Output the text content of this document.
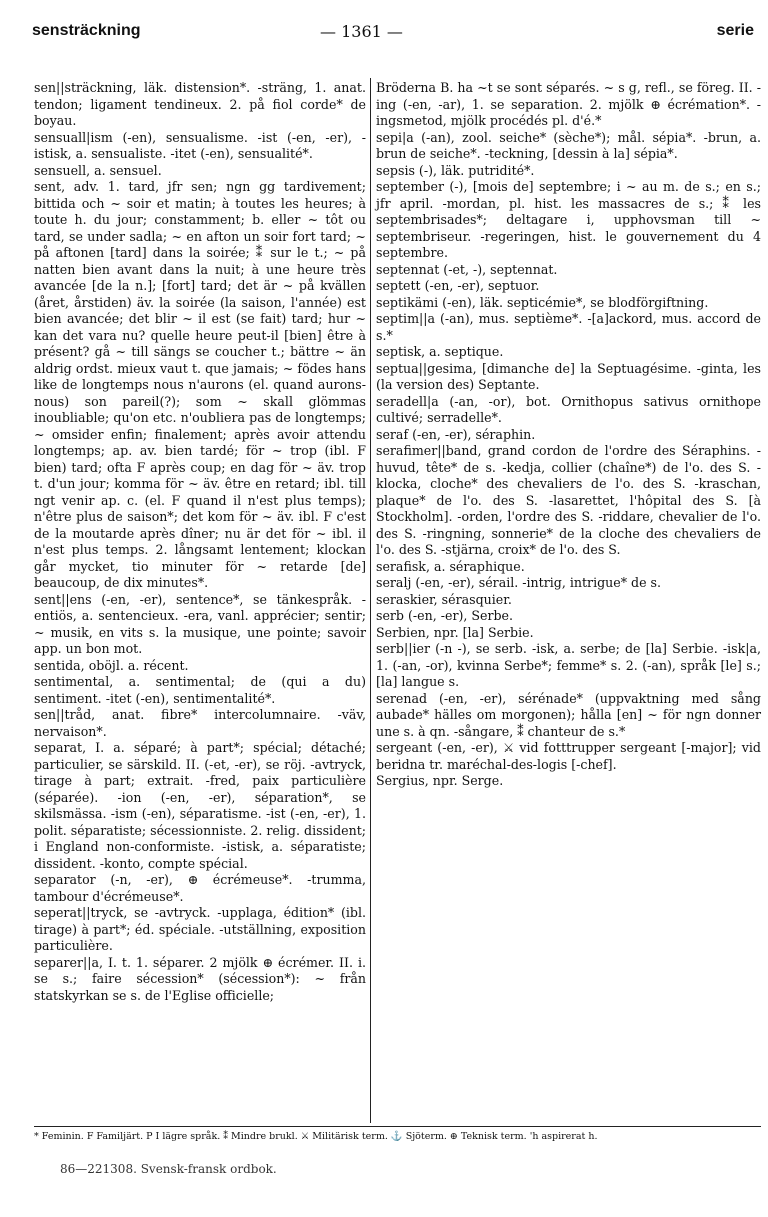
sensträckning	— 1361 —	serie

sen||sträckning, läk. distension*. -sträng, 1. anat. tendon; ligament tendineux. 2. på fiol corde* de boyau.

sensuall|ism (-en), sensualisme. -ist (-en, -er), -istisk, a. sensualiste. -itet (-en), sensualité*.

sensuell, a. sensuel.

sent, adv. 1. tard, jfr sen; ngn gg tardivement; bittida och ~ soir et matin; à toutes les heures; à toute h. du jour; constamment; b. eller ~ tôt ou tard, se under sadla; ~ en afton un soir fort tard; ~ på aftonen [tard] dans la soirée; ⁑ sur le t.; ~ på natten bien avant dans la nuit; à une heure très avancée [de la n.]; [fort] tard; det är ~ på kvällen (året, årstiden) äv. la soirée (la saison, l'année) est bien avancée; det blir ~ il est (se fait) tard; hur ~ kan det vara nu? quelle heure peut-il [bien] être à présent? gå ~ till sängs se coucher t.; bättre ~ än aldrig ordst. mieux vaut t. que jamais; ~ födes hans like de longtemps nous n'aurons (el. quand aurons-nous) son pareil(?); som ~ skall glömmas inoubliable; qu'on etc. n'oubliera pas de longtemps; ~ omsider enfin; finalement; après avoir attendu longtemps; ap. av. bien tardé; för ~ trop (ibl. F bien) tard; ofta F après coup; en dag för ~ äv. trop t. d'un jour; komma för ~ äv. être en retard; ibl. till ngt venir ap. c. (el. F quand il n'est plus temps); n'être plus de saison*; det kom för ~ äv. ibl. F c'est de la moutarde après dîner; nu är det för ~ ibl. il n'est plus temps. 2. långsamt lentement; klockan går mycket, tio minuter för ~ retarde [de] beaucoup, de dix minutes*.

sent||ens (-en, -er), sentence*, se tänkespråk. -entiös, a. sentencieux. -era, vanl. apprécier; sentir; ~ musik, en vits s. la musique, une pointe; savoir app. un bon mot.

sentida, oböjl. a. récent.

sentimental, a. sentimental; de (qui a du) sentiment. -itet (-en), sentimentalité*.

sen||tråd, anat. fibre* intercolumnaire. -väv, nervaison*.

separat, I. a. séparé; à part*; spécial; détaché; particulier, se särskild. II. (-et, -er), se röj. -avtryck, tirage à part; extrait. -fred, paix particulière (séparée). -ion (-en, -er), séparation*, se skilsmässa. -ism (-en), séparatisme. -ist (-en, -er), 1. polit. séparatiste; sécessionniste. 2. relig. dissident; i England non-conformiste. -istisk, a. séparatiste; dissident. -konto, compte spécial.

separator (-n, -er), ⊕ écrémeuse*. -trumma, tambour d'écrémeuse*.

seperat||tryck, se -avtryck. -upplaga, édition* (ibl. tirage) à part*; éd. spéciale. -utställning, exposition particulière.

separer||a, I. t. 1. séparer. 2 mjölk ⊕ écrémer. II. i. se s.; faire sécession* (sécession*): ~ från statskyrkan se s. de l'Eglise officielle;

Bröderna B. ha ~t se sont séparés. ~ s g, refl., se föreg. II. -ing (-en, -ar), 1. se separation. 2. mjölk ⊕ écrémation*. -ingsmetod, mjölk procédés pl. d'é.*

sepi|a (-an), zool. seiche* (sèche*); mål. sépia*. -brun, a. brun de seiche*. -teckning, [dessin à la] sépia*.

sepsis (-), läk. putridité*.

september (-), [mois de] septembre; i ~ au m. de s.; en s.; jfr april. -mordan, pl. hist. les massacres de s.; ⁑ les septembrisades*; deltagare i, upphovsman till ~ septembriseur. -regeringen, hist. le gouvernement du 4 septembre.

septennat (-et, -), septennat.

septett (-en, -er), septuor.

septikämi (-en), läk. septicémie*, se blodförgiftning.

septim||a (-an), mus. septième*. -[a]ackord, mus. accord de s.*

septisk, a. septique.

septua||gesima, [dimanche de] la Septuagésime. -ginta, les (la version des) Septante.

seradell|a (-an, -or), bot. Ornithopus sativus ornithope cultivé; serradelle*.

seraf (-en, -er), séraphin.

serafimer||band, grand cordon de l'ordre des Séraphins. -huvud, tête* de s. -kedja, collier (chaîne*) de l'o. des S. -klocka, cloche* des chevaliers de l'o. des S. -kraschan, plaque* de l'o. des S. -lasarettet, l'hôpital des S. [à Stockholm]. -orden, l'ordre des S. -riddare, chevalier de l'o. des S. -ringning, sonnerie* de la cloche des chevaliers de l'o. des S. -stjärna, croix* de l'o. des S.

serafisk, a. séraphique.

seralj (-en, -er), sérail. -intrig, intrigue* de s.

seraskier, sérasquier.

serb (-en, -er), Serbe.

Serbien, npr. [la] Serbie.

serb||ier (-n -), se serb. -isk, a. serbe; de [la] Serbie. -isk|a, 1. (-an, -or), kvinna Serbe*; femme* s. 2. (-an), språk [le] s.; [la] langue s.

serenad (-en, -er), sérénade* (uppvaktning med sång aubade* hälles om morgonen); hålla [en] ~ för ngn donner une s. à qn. -sångare, ⁑ chanteur de s.*

sergeant (-en, -er), ⚔ vid fotttrupper sergeant [-major]; vid beridna tr. maréchal-des-logis [-chef].

Sergius, npr. Serge.

* Feminin. F Familjärt. P I lägre språk. ⁑ Mindre brukl. ⚔ Militärisk term. ⚓ Sjöterm. ⊕ Teknisk term. 'h aspirerat h.
86—221308. Svensk-fransk ordbok.
